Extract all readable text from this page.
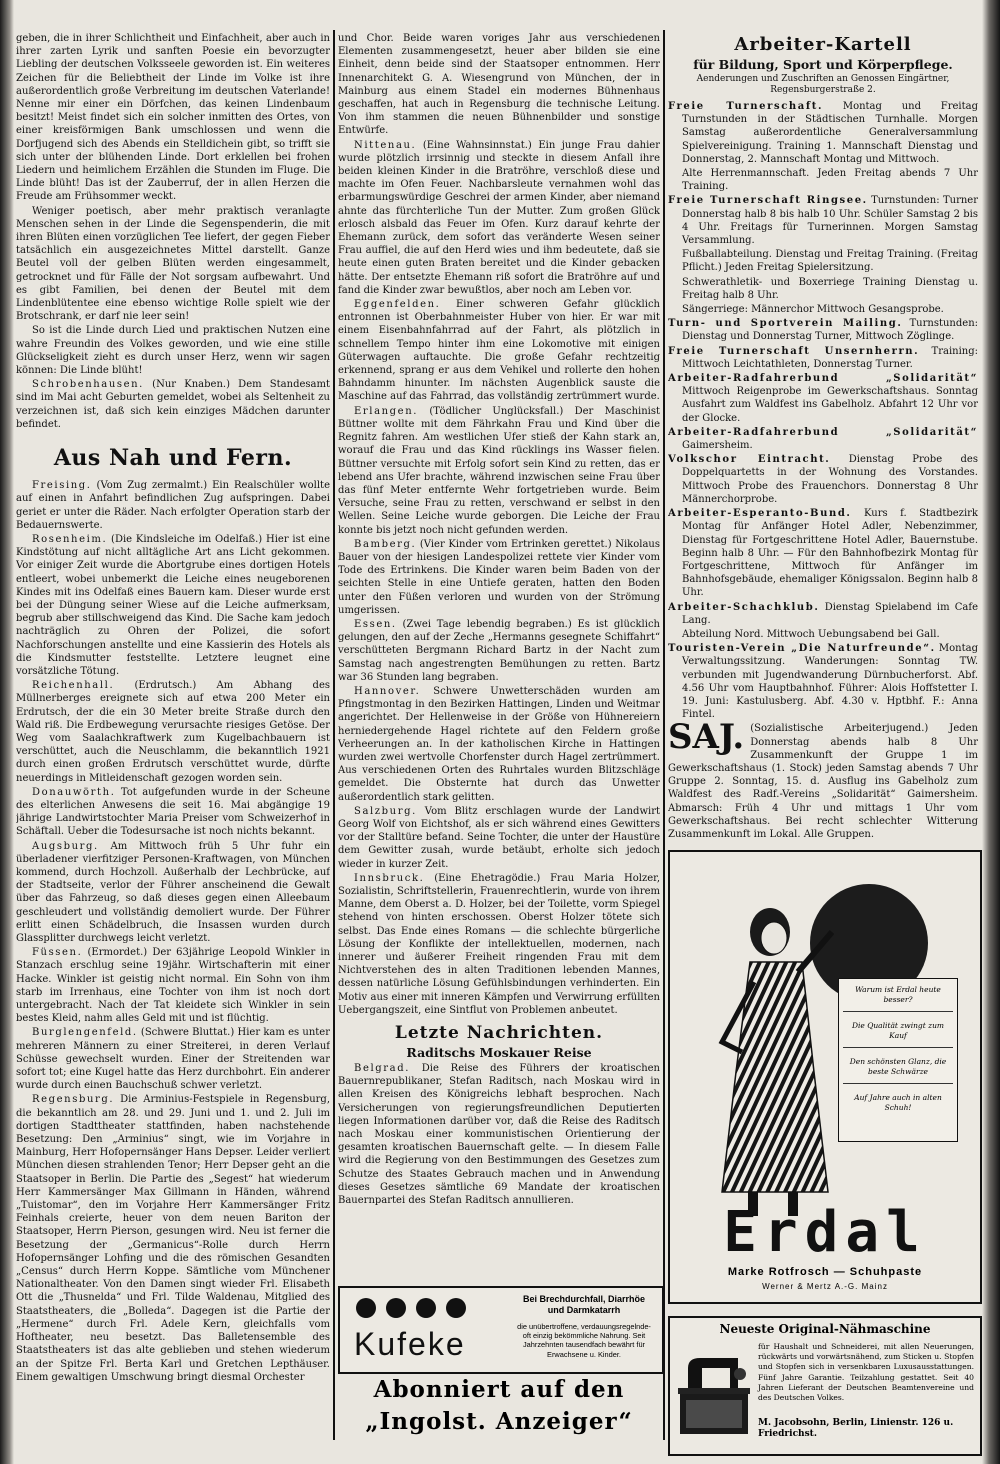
geben, die in ihrer Schlichtheit und Einfachheit, aber auch in ihrer zarten Lyrik und sanften Poesie ein bevorzugter Liebling der deutschen Volksseele geworden ist. Ein weiteres Zeichen für die Beliebtheit der Linde im Volke ist ihre außerordentlich große Verbreitung im deutschen Vaterlande! Nenne mir einer ein Dörfchen, das keinen Lindenbaum besitzt! Meist findet sich ein solcher inmitten des Ortes, von einer kreisförmigen Bank umschlossen und wenn die Dorfjugend sich des Abends ein Stelldichein gibt, so trifft sie sich unter der blühenden Linde. Dort erklellen bei frohen Liedern und heimlichem Erzählen die Stunden im Fluge. Die Linde blüht! Das ist der Zauberruf, der in allen Herzen die Freude am Frühsommer weckt.

Weniger poetisch, aber mehr praktisch veranlagte Menschen sehen in der Linde die Segenspenderin, die mit ihren Blüten einen vorzüglichen Tee liefert, der gegen Fieber tatsächlich ein ausgezeichnetes Mittel darstellt. Ganze Beutel voll der gelben Blüten werden eingesammelt, getrocknet und für Fälle der Not sorgsam aufbewahrt. Und es gibt Familien, bei denen der Beutel mit dem Lindenblütentee eine ebenso wichtige Rolle spielt wie der Brotschrank, er darf nie leer sein!

So ist die Linde durch Lied und praktischen Nutzen eine wahre Freundin des Volkes geworden, und wie eine stille Glückseligkeit zieht es durch unser Herz, wenn wir sagen können: Die Linde blüht!

Schrobenhausen. (Nur Knaben.) Dem Standesamt sind im Mai acht Geburten gemeldet, wobei als Seltenheit zu verzeichnen ist, daß sich kein einziges Mädchen darunter befindet.

Aus Nah und Fern.

Freising. (Vom Zug zermalmt.) Ein Realschüler wollte auf einen in Anfahrt befindlichen Zug aufspringen. Dabei geriet er unter die Räder. Nach erfolgter Operation starb der Bedauernswerte.

Rosenheim. (Die Kindsleiche im Odelfaß.) Hier ist eine Kindstötung auf nicht alltägliche Art ans Licht gekommen. Vor einiger Zeit wurde die Abortgrube eines dortigen Hotels entleert, wobei unbemerkt die Leiche eines neugeborenen Kindes mit ins Odelfaß eines Bauern kam. Dieser wurde erst bei der Düngung seiner Wiese auf die Leiche aufmerksam, begrub aber stillschweigend das Kind. Die Sache kam jedoch nachträglich zu Ohren der Polizei, die sofort Nachforschungen anstellte und eine Kassierin des Hotels als die Kindsmutter feststellte. Letztere leugnet eine vorsätzliche Tötung.

Reichenhall. (Erdrutsch.) Am Abhang des Müllnerberges ereignete sich auf etwa 200 Meter ein Erdrutsch, der die ein 30 Meter breite Straße durch den Wald riß. Die Erdbewegung verursachte riesiges Getöse. Der Weg vom Saalachkraftwerk zum Kugelbachbauern ist verschüttet, auch die Neuschlamm, die bekanntlich 1921 durch einen großen Erdrutsch verschüttet wurde, dürfte neuerdings in Mitleidenschaft gezogen worden sein.

Donauwörth. Tot aufgefunden wurde in der Scheune des elterlichen Anwesens die seit 16. Mai abgängige 19 jährige Landwirtstochter Maria Preiser vom Schweizerhof in Schäftall. Ueber die Todesursache ist noch nichts bekannt.

Augsburg. Am Mittwoch früh 5 Uhr fuhr ein überladener vierfitziger Personen-Kraftwagen, von München kommend, durch Hochzoll. Außerhalb der Lechbrücke, auf der Stadtseite, verlor der Führer anscheinend die Gewalt über das Fahrzeug, so daß dieses gegen einen Alleebaum geschleudert und vollständig demoliert wurde. Der Führer erlitt einen Schädelbruch, die Insassen wurden durch Glassplitter durchwegs leicht verletzt.

Füssen. (Ermordet.) Der 63jährige Leopold Winkler in Stanzach erschlug seine 19jähr. Wirtschafterin mit einer Hacke. Winkler ist geistig nicht normal. Ein Sohn von ihm starb im Irrenhaus, eine Tochter von ihm ist noch dort untergebracht. Nach der Tat kleidete sich Winkler in sein bestes Kleid, nahm alles Geld mit und ist flüchtig.

Burglengenfeld. (Schwere Bluttat.) Hier kam es unter mehreren Männern zu einer Streiterei, in deren Verlauf Schüsse gewechselt wurden. Einer der Streitenden war sofort tot; eine Kugel hatte das Herz durchbohrt. Ein anderer wurde durch einen Bauchschuß schwer verletzt.

Regensburg. Die Arminius-Festspiele in Regensburg, die bekanntlich am 28. und 29. Juni und 1. und 2. Juli im dortigen Stadttheater stattfinden, haben nachstehende Besetzung: Den „Arminius“ singt, wie im Vorjahre in Mainburg, Herr Hofopernsänger Hans Depser. Leider verliert München diesen strahlenden Tenor; Herr Depser geht an die Staatsoper in Berlin. Die Partie des „Segest“ hat wiederum Herr Kammersänger Max Gillmann in Händen, während „Tuistomar“, den im Vorjahre Herr Kammersänger Fritz Feinhals creierte, heuer von dem neuen Bariton der Staatsoper, Herrn Pierson, gesungen wird. Neu ist ferner die Besetzung der „Germanicus“-Rolle durch Herrn Hofopernsänger Lohfing und die des römischen Gesandten „Census“ durch Herrn Koppe. Sämtliche vom Münchener Nationaltheater. Von den Damen singt wieder Frl. Elisabeth Ott die „Thusnelda“ und Frl. Tilde Waldenau, Mitglied des Staatstheaters, die „Bolleda“. Dagegen ist die Partie der „Hermene“ durch Frl. Adele Kern, gleichfalls vom Hoftheater, neu besetzt. Das Balletensemble des Staatstheaters ist das alte geblieben und stehen wiederum an der Spitze Frl. Berta Karl und Gretchen Lepthäuser. Einem gewaltigen Umschwung bringt diesmal Orchester

und Chor. Beide waren voriges Jahr aus verschiedenen Elementen zusammengesetzt, heuer aber bilden sie eine Einheit, denn beide sind der Staatsoper entnommen. Herr Innenarchitekt G. A. Wiesengrund von München, der in Mainburg aus einem Stadel ein modernes Bühnenhaus geschaffen, hat auch in Regensburg die technische Leitung. Von ihm stammen die neuen Bühnenbilder und sonstige Entwürfe.

Nittenau. (Eine Wahnsinnstat.) Ein junge Frau dahier wurde plötzlich irrsinnig und steckte in diesem Anfall ihre beiden kleinen Kinder in die Bratröhre, verschloß diese und machte im Ofen Feuer. Nachbarsleute vernahmen wohl das erbarmungswürdige Geschrei der armen Kinder, aber niemand ahnte das fürchterliche Tun der Mutter. Zum großen Glück erlosch alsbald das Feuer im Ofen. Kurz darauf kehrte der Ehemann zurück, dem sofort das veränderte Wesen seiner Frau auffiel, die auf den Herd wies und ihm bedeutete, daß sie heute einen guten Braten bereitet und die Kinder gebacken hätte. Der entsetzte Ehemann riß sofort die Bratröhre auf und fand die Kinder zwar bewußtlos, aber noch am Leben vor.

Eggenfelden. Einer schweren Gefahr glücklich entronnen ist Oberbahnmeister Huber von hier. Er war mit einem Eisenbahnfahrrad auf der Fahrt, als plötzlich in schnellem Tempo hinter ihm eine Lokomotive mit einigen Güterwagen auftauchte. Die große Gefahr rechtzeitig erkennend, sprang er aus dem Vehikel und rollerte den hohen Bahndamm hinunter. Im nächsten Augenblick sauste die Maschine auf das Fahrrad, das vollständig zertrümmert wurde.

Erlangen. (Tödlicher Unglücksfall.) Der Maschinist Büttner wollte mit dem Fährkahn Frau und Kind über die Regnitz fahren. Am westlichen Ufer stieß der Kahn stark an, worauf die Frau und das Kind rücklings ins Wasser fielen. Büttner versuchte mit Erfolg sofort sein Kind zu retten, das er lebend ans Ufer brachte, während inzwischen seine Frau über das fünf Meter entfernte Wehr fortgetrieben wurde. Beim Versuche, seine Frau zu retten, verschwand er selbst in den Wellen. Seine Leiche wurde geborgen. Die Leiche der Frau konnte bis jetzt noch nicht gefunden werden.

Bamberg. (Vier Kinder vom Ertrinken gerettet.) Nikolaus Bauer von der hiesigen Landespolizei rettete vier Kinder vom Tode des Ertrinkens. Die Kinder waren beim Baden von der seichten Stelle in eine Untiefe geraten, hatten den Boden unter den Füßen verloren und wurden von der Strömung umgerissen.

Essen. (Zwei Tage lebendig begraben.) Es ist glücklich gelungen, den auf der Zeche „Hermanns gesegnete Schiffahrt“ verschütteten Bergmann Richard Bartz in der Nacht zum Samstag nach angestrengten Bemühungen zu retten. Bartz war 36 Stunden lang begraben.

Hannover. Schwere Unwetterschäden wurden am Pfingstmontag in den Bezirken Hattingen, Linden und Weitmar angerichtet. Der Hellenweise in der Größe von Hühnereiern herniedergehende Hagel richtete auf den Feldern große Verheerungen an. In der katholischen Kirche in Hattingen wurden zwei wertvolle Chorfenster durch Hagel zertrümmert. Aus verschiedenen Orten des Ruhrtales wurden Blitzschläge gemeldet. Die Obsternte hat durch das Unwetter außerordentlich stark gelitten.

Salzburg. Vom Blitz erschlagen wurde der Landwirt Georg Wolf von Eichtshof, als er sich während eines Gewitters vor der Stalltüre befand. Seine Tochter, die unter der Haustüre dem Gewitter zusah, wurde betäubt, erholte sich jedoch wieder in kurzer Zeit.

Innsbruck. (Eine Ehetragödie.) Frau Maria Holzer, Sozialistin, Schriftstellerin, Frauenrechtlerin, wurde von ihrem Manne, dem Oberst a. D. Holzer, bei der Toilette, vorm Spiegel stehend von hinten erschossen. Oberst Holzer tötete sich selbst. Das Ende eines Romans — die schlechte bürgerliche Lösung der Konflikte der intellektuellen, modernen, nach innerer und äußerer Freiheit ringenden Frau mit dem Nichtverstehen des in alten Traditionen lebenden Mannes, dessen natürliche Lösung Gefühlsbindungen verhinderten. Ein Motiv aus einer mit inneren Kämpfen und Verwirrung erfüllten Uebergangszeit, eine Sintflut von Problemen anbeutet.

Letzte Nachrichten.
Raditschs Moskauer Reise

Belgrad. Die Reise des Führers der kroatischen Bauernrepublikaner, Stefan Raditsch, nach Moskau wird in allen Kreisen des Königreichs lebhaft besprochen. Nach Versicherungen von regierungsfreundlichen Deputierten liegen Informationen darüber vor, daß die Reise des Raditsch nach Moskau einer kommunistischen Orientierung der gesamten kroatischen Bauernschaft gelte. — In diesem Falle wird die Regierung von den Bestimmungen des Gesetzes zum Schutze des Staates Gebrauch machen und in Anwendung dieses Gesetzes sämtliche 69 Mandate der kroatischen Bauernpartei des Stefan Raditsch annullieren.

Arbeiter-Kartell
für Bildung, Sport und Körperpflege.
Aenderungen und Zuschriften an Genossen Eingärtner,
Regensburgerstraße 2.

Freie Turnerschaft. Montag und Freitag Turnstunden in der Städtischen Turnhalle. Morgen Samstag außerordentliche Generalversammlung Spielvereinigung. Training 1. Mannschaft Dienstag und Donnerstag, 2. Mannschaft Montag und Mittwoch.

Alte Herrenmannschaft. Jeden Freitag abends 7 Uhr Training.

Freie Turnerschaft Ringsee. Turnstunden: Turner Donnerstag halb 8 bis halb 10 Uhr. Schüler Samstag 2 bis 4 Uhr. Freitags für Turnerinnen. Morgen Samstag Versammlung.

Fußballabteilung. Dienstag und Freitag Training. (Freitag Pflicht.) Jeden Freitag Spielersitzung.

Schwerathletik- und Boxerriege Training Dienstag u. Freitag halb 8 Uhr.

Sängerriege: Männerchor Mittwoch Gesangsprobe.

Turn- und Sportverein Mailing. Turnstunden: Dienstag und Donnerstag Turner, Mittwoch Zöglinge.

Freie Turnerschaft Unsernherrn. Training: Mittwoch Leichtathleten, Donnerstag Turner.

Arbeiter-Radfahrerbund „Solidarität“ Mittwoch Reigenprobe im Gewerkschaftshaus. Sonntag Ausfahrt zum Waldfest ins Gabelholz. Abfahrt 12 Uhr vor der Glocke.

Arbeiter-Radfahrerbund „Solidarität“ Gaimersheim.

Volkschor Eintracht. Dienstag Probe des Doppelquartetts in der Wohnung des Vorstandes. Mittwoch Probe des Frauenchors. Donnerstag 8 Uhr Männerchorprobe.

Arbeiter-Esperanto-Bund. Kurs f. Stadtbezirk Montag für Anfänger Hotel Adler, Nebenzimmer, Dienstag für Fortgeschrittene Hotel Adler, Bauernstube. Beginn halb 8 Uhr. — Für den Bahnhofbezirk Montag für Fortgeschrittene, Mittwoch für Anfänger im Bahnhofsgebäude, ehemaliger Königssalon. Beginn halb 8 Uhr.

Arbeiter-Schachklub. Dienstag Spielabend im Cafe Lang.

Abteilung Nord. Mittwoch Uebungsabend bei Gall.

Touristen-Verein „Die Naturfreunde“. Montag Verwaltungssitzung. Wanderungen: Sonntag TW. verbunden mit Jugendwanderung Dürnbucherforst. Abf. 4.56 Uhr vom Hauptbahnhof. Führer: Alois Hoffstetter I. 19. Juni: Kastulusberg. Abf. 4.30 v. Hptbhf. F.: Anna Fintel.

SAJ. (Sozialistische Arbeiterjugend.) Jeden Donnerstag abends halb 8 Uhr Zusammenkunft der Gruppe 1 im Gewerkschaftshaus (1. Stock) jeden Samstag abends 7 Uhr Gruppe 2. Sonntag, 15. d. Ausflug ins Gabelholz zum Waldfest des Radf.-Vereins „Solidarität“ Gaimersheim. Abmarsch: Früh 4 Uhr und mittags 1 Uhr vom Gewerkschaftshaus. Bei recht schlechter Witterung Zusammenkunft im Lokal. Alle Gruppen.

Warum ist Erdal heute besser?
Die Qualität zwingt zum Kauf
Den schönsten Glanz, die beste Schwärze
Auf Jahre auch in alten Schuh!
Erdal
Marke Rotfrosch — Schuhpaste
Werner & Mertz A.-G. Mainz
Neueste Original-Nähmaschine
für Haushalt und Schneiderei, mit allen Neuerungen, rückwärts und vorwärtsnähend, zum Sticken u. Stopfen und Stopfen sich in versenkbaren Luxusausstattungen. Fünf Jahre Garantie. Teilzahlung gestattet. Seit 40 Jahren Lieferant der Deutschen Beamtenvereine und des Deutschen Volkes.
M. Jacobsohn, Berlin, Linienstr. 126 u. Friedrichst.
Kufeke
Bei Brechdurchfall, Diarrhöe und Darmkatarrh
die unübertroffene, verdauungsregelnde-oft einzig bekömmliche Nahrung. Seit Jahrzehnten tausendfach bewährt für Erwachsene u. Kinder.
Abonniert auf den
„Ingolst. Anzeiger“
